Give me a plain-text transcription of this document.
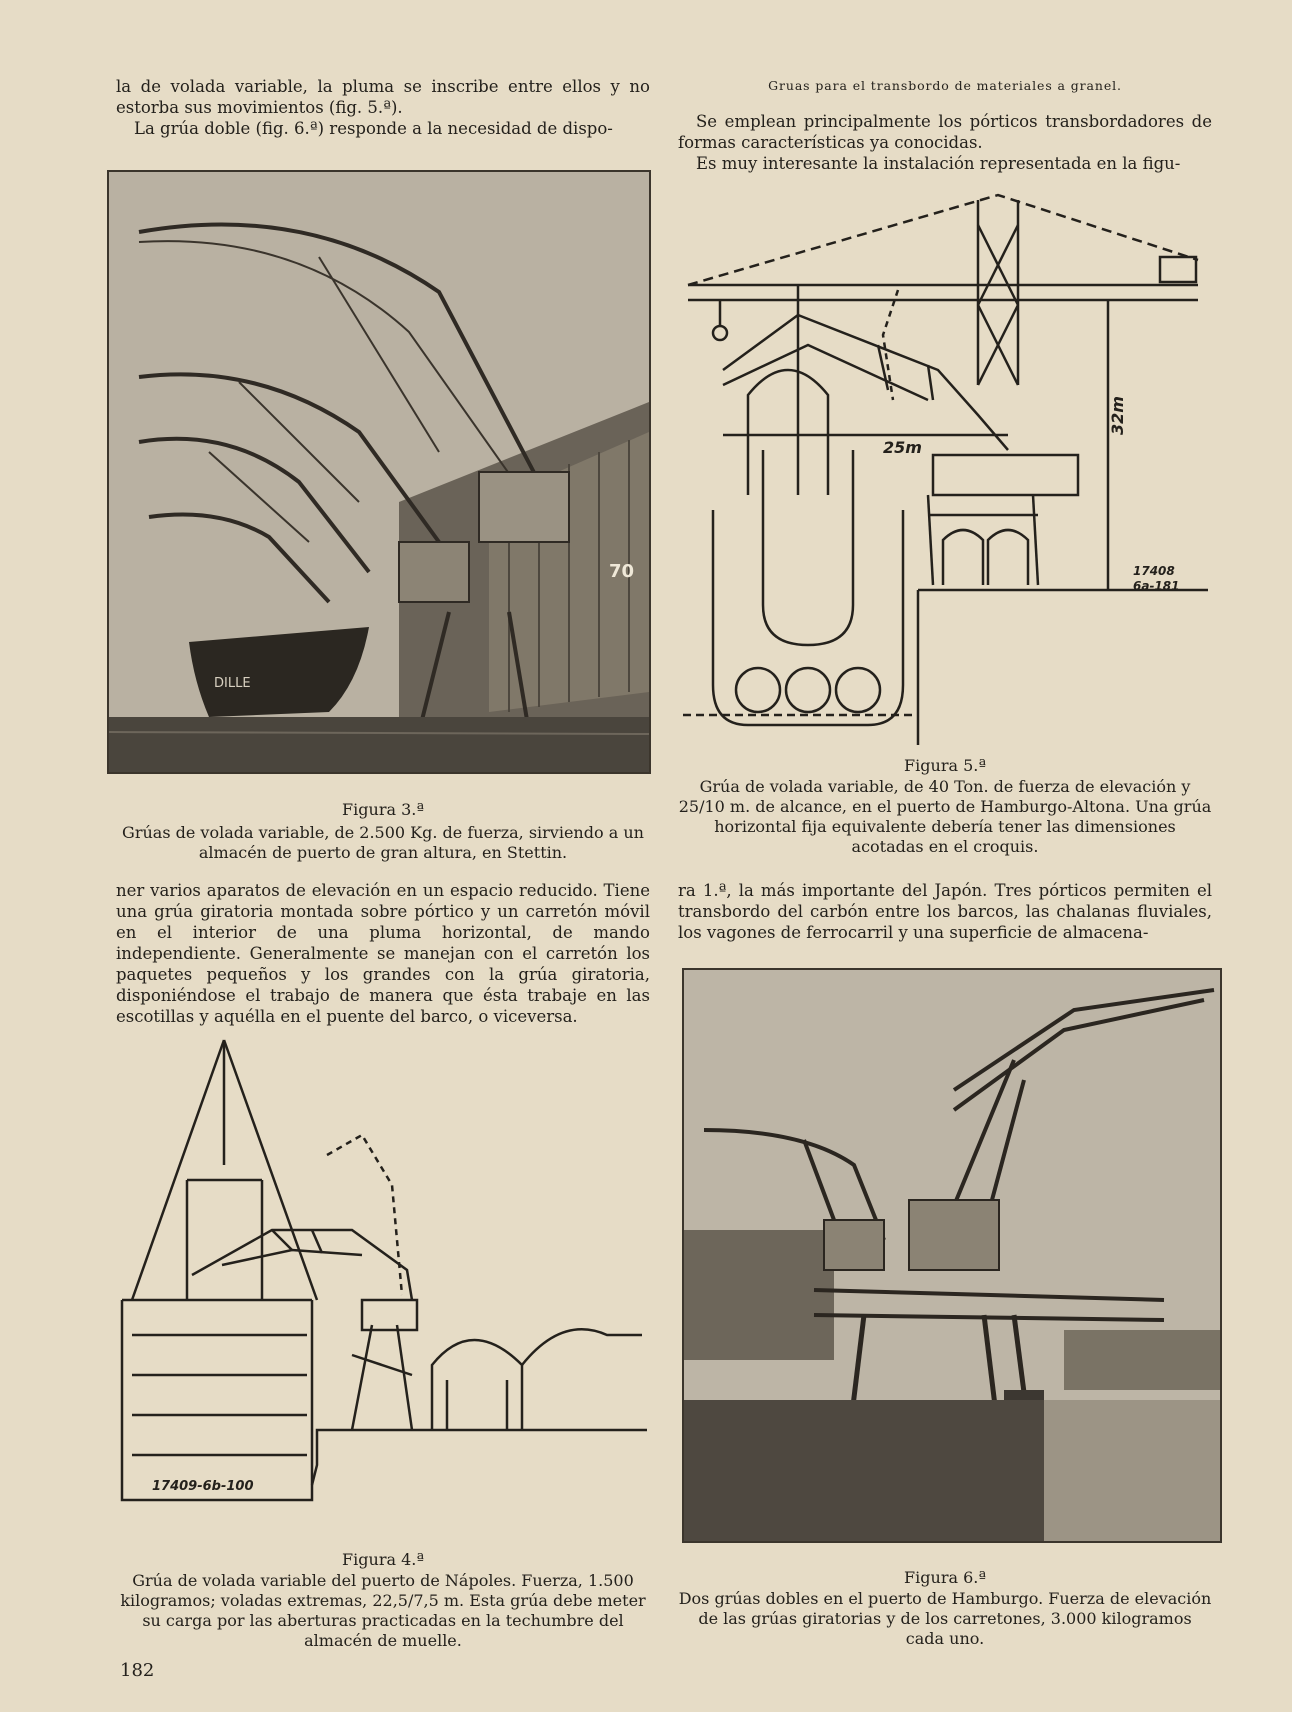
la de volada variable, la pluma se inscribe entre ellos y no estorba sus movimientos (fig. 5.ª).

La grúa doble (fig. 6.ª) responde a la necesidad de dispo-

70
DILLE

Figura 3.ª

Grúas de volada variable, de 2.500 Kg. de fuerza, sirviendo a un almacén de puerto de gran altura, en Stettin.

ner varios aparatos de elevación en un espacio reducido. Tiene una grúa giratoria montada sobre pórtico y un carretón móvil en el interior de una pluma horizontal, de mando independiente. Generalmente se manejan con el carretón los paquetes pequeños y los grandes con la grúa giratoria, disponiéndose el trabajo de manera que ésta trabaje en las escotillas y aquélla en el puente del barco, o viceversa.

17409-6b-100

Figura 4.ª

Grúa de volada variable del puerto de Nápoles. Fuerza, 1.500 kilogramos; voladas extremas, 22,5/7,5 m. Esta grúa debe meter su carga por las aberturas practicadas en la techumbre del almacén de muelle.

Gruas para el transbordo de materiales a granel.

Se emplean principalmente los pórticos transbordadores de formas características ya conocidas.

Es muy interesante la instalación representada en la figu-

25m
32m
17408
6a-181

Figura 5.ª

Grúa de volada variable, de 40 Ton. de fuerza de elevación y 25/10 m. de alcance, en el puerto de Hamburgo-Altona. Una grúa horizontal fija equivalente debería tener las dimensiones acotadas en el croquis.

ra 1.ª, la más importante del Japón. Tres pórticos permiten el transbordo del carbón entre los barcos, las chalanas fluviales, los vagones de ferrocarril y una superficie de almacena-

Figura 6.ª

Dos grúas dobles en el puerto de Hamburgo. Fuerza de elevación de las grúas giratorias y de los carretones, 3.000 kilogramos cada uno.

182
